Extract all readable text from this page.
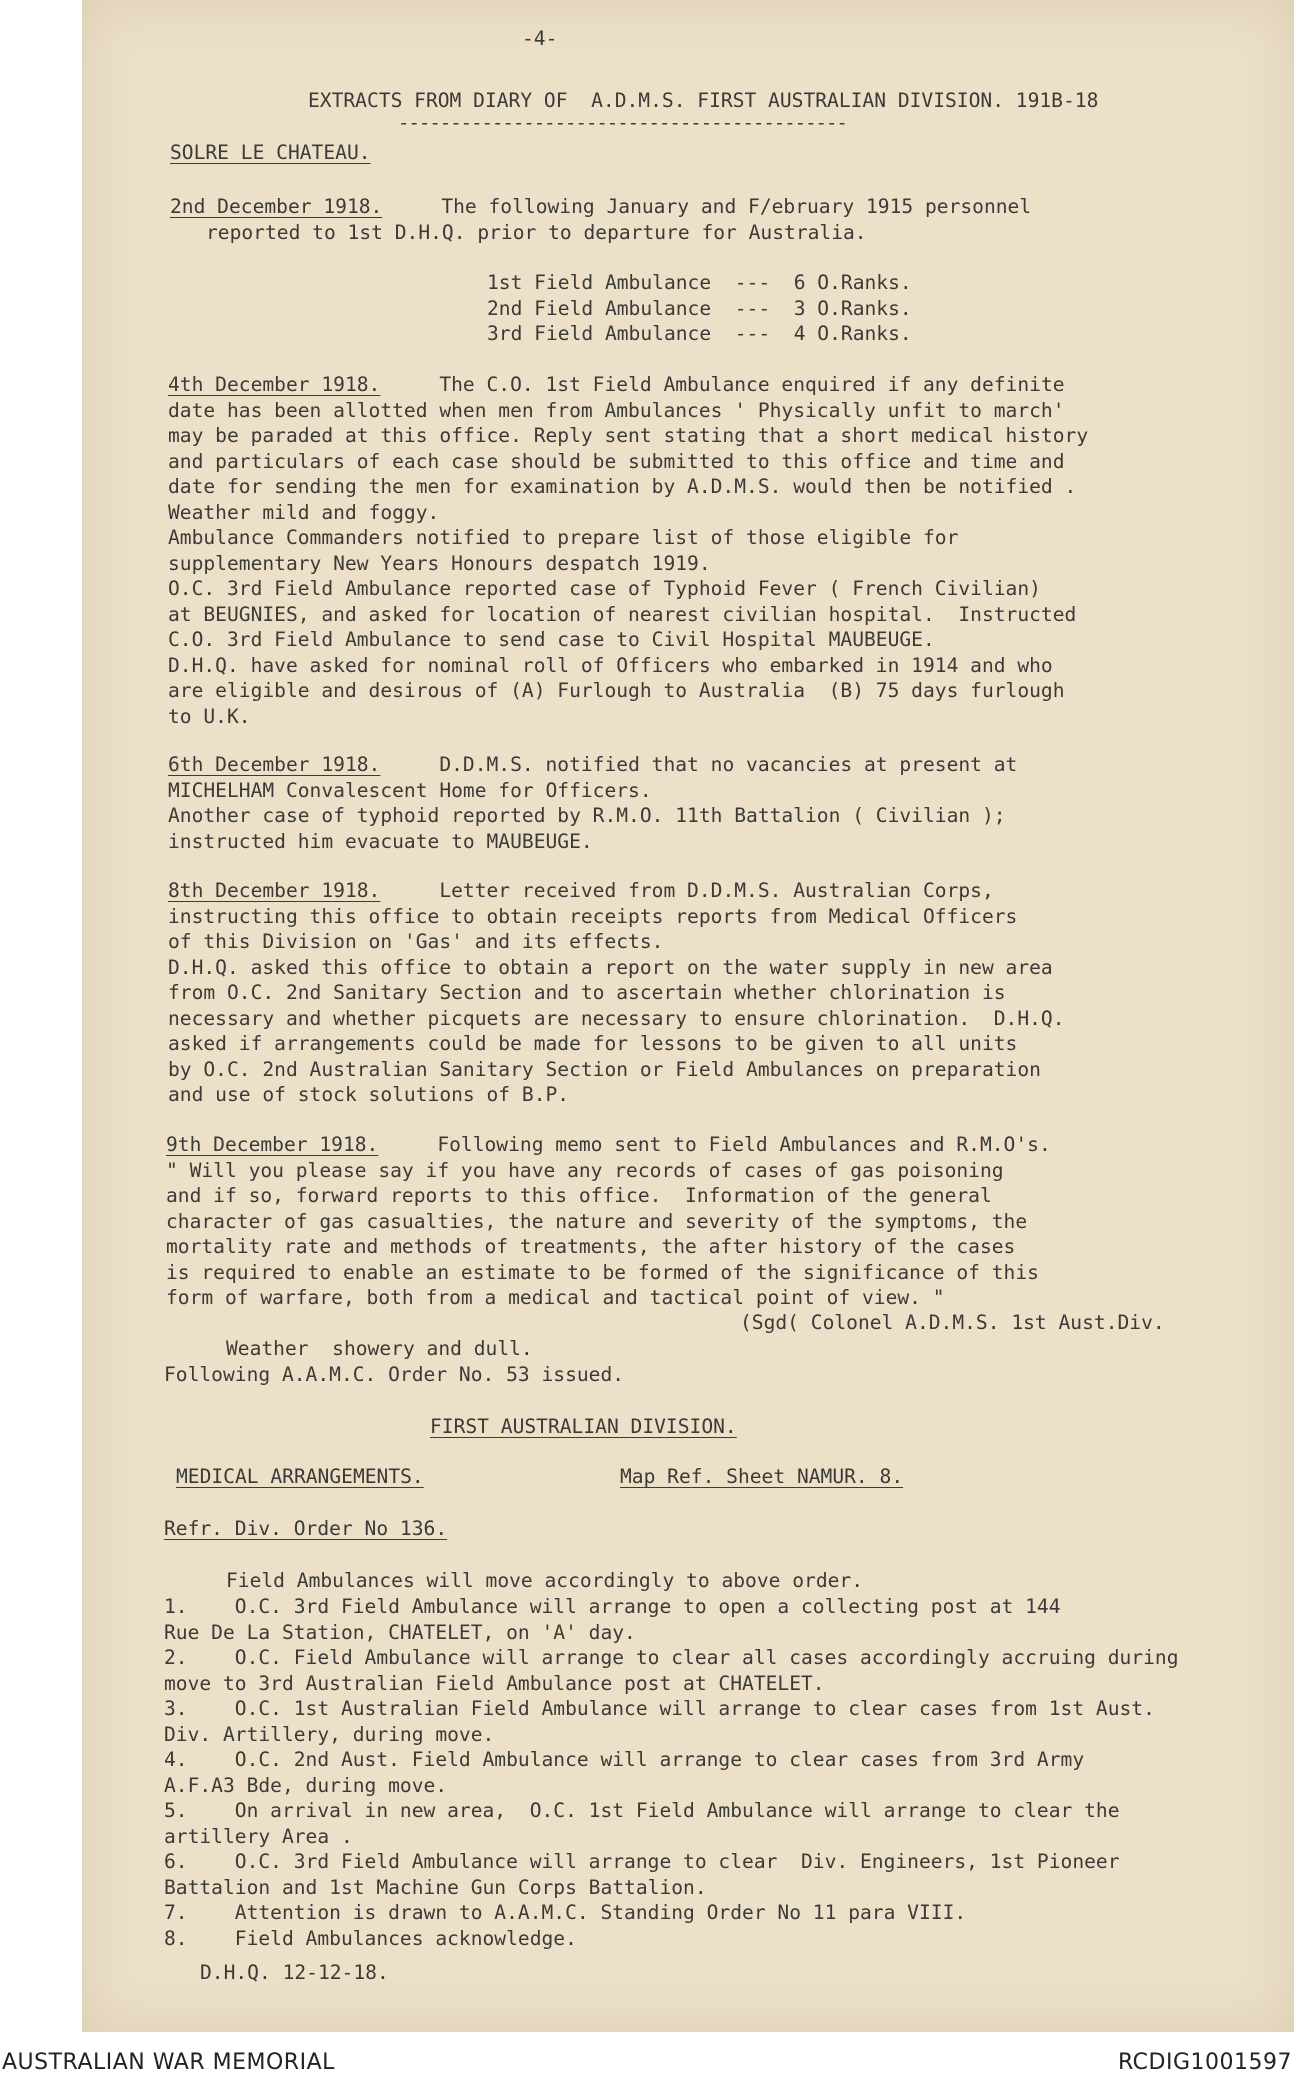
-4-
EXTRACTS FROM DIARY OF  A.D.M.S. FIRST AUSTRALIAN DIVISION. 191B-18
-------------------------------------------
SOLRE LE CHATEAU.
2nd December 1918.     The following January and F/ebruary 1915 personnel
reported to 1st D.H.Q. prior to departure for Australia.
1st Field Ambulance  ---  6 O.Ranks.
2nd Field Ambulance  ---  3 O.Ranks.
3rd Field Ambulance  ---  4 O.Ranks.
4th December 1918.     The C.O. 1st Field Ambulance enquired if any definite
date has been allotted when men from Ambulances ' Physically unfit to march'
may be paraded at this office. Reply sent stating that a short medical history
and particulars of each case should be submitted to this office and time and
date for sending the men for examination by A.D.M.S. would then be notified .
Weather mild and foggy.
Ambulance Commanders notified to prepare list of those eligible for
supplementary New Years Honours despatch 1919.
O.C. 3rd Field Ambulance reported case of Typhoid Fever ( French Civilian)
at BEUGNIES, and asked for location of nearest civilian hospital.  Instructed
C.O. 3rd Field Ambulance to send case to Civil Hospital MAUBEUGE.
D.H.Q. have asked for nominal roll of Officers who embarked in 1914 and who
are eligible and desirous of (A) Furlough to Australia  (B) 75 days furlough
to U.K.
6th December 1918.     D.D.M.S. notified that no vacancies at present at
MICHELHAM Convalescent Home for Officers.
Another case of typhoid reported by R.M.O. 11th Battalion ( Civilian );
instructed him evacuate to MAUBEUGE.
8th December 1918.     Letter received from D.D.M.S. Australian Corps,
instructing this office to obtain receipts reports from Medical Officers
of this Division on 'Gas' and its effects.
D.H.Q. asked this office to obtain a report on the water supply in new area
from O.C. 2nd Sanitary Section and to ascertain whether chlorination is
necessary and whether picquets are necessary to ensure chlorination.  D.H.Q.
asked if arrangements could be made for lessons to be given to all units
by O.C. 2nd Australian Sanitary Section or Field Ambulances on preparation
and use of stock solutions of B.P.
9th December 1918.     Following memo sent to Field Ambulances and R.M.O's.
" Will you please say if you have any records of cases of gas poisoning
and if so, forward reports to this office.  Information of the general
character of gas casualties, the nature and severity of the symptoms, the
mortality rate and methods of treatments, the after history of the cases
is required to enable an estimate to be formed of the significance of this
form of warfare, both from a medical and tactical point of view. "
(Sgd( Colonel A.D.M.S. 1st Aust.Div.
Weather  showery and dull.
Following A.A.M.C. Order No. 53 issued.
FIRST AUSTRALIAN DIVISION.
MEDICAL ARRANGEMENTS.	Map Ref. Sheet NAMUR. 8.
Refr. Div. Order No 136.
Field Ambulances will move accordingly to above order.
1.    O.C. 3rd Field Ambulance will arrange to open a collecting post at 144
Rue De La Station, CHATELET, on 'A' day.
2.    O.C. Field Ambulance will arrange to clear all cases accordingly accruing during
move to 3rd Australian Field Ambulance post at CHATELET.
3.    O.C. 1st Australian Field Ambulance will arrange to clear cases from 1st Aust.
Div. Artillery, during move.
4.    O.C. 2nd Aust. Field Ambulance will arrange to clear cases from 3rd Army
A.F.A3 Bde, during move.
5.    On arrival in new area,  O.C. 1st Field Ambulance will arrange to clear the
artillery Area .
6.    O.C. 3rd Field Ambulance will arrange to clear  Div. Engineers, 1st Pioneer
Battalion and 1st Machine Gun Corps Battalion.
7.    Attention is drawn to A.A.M.C. Standing Order No 11 para VIII.
8.    Field Ambulances acknowledge.
D.H.Q. 12-12-18.
AUSTRALIAN WAR MEMORIAL	RCDIG1001597
